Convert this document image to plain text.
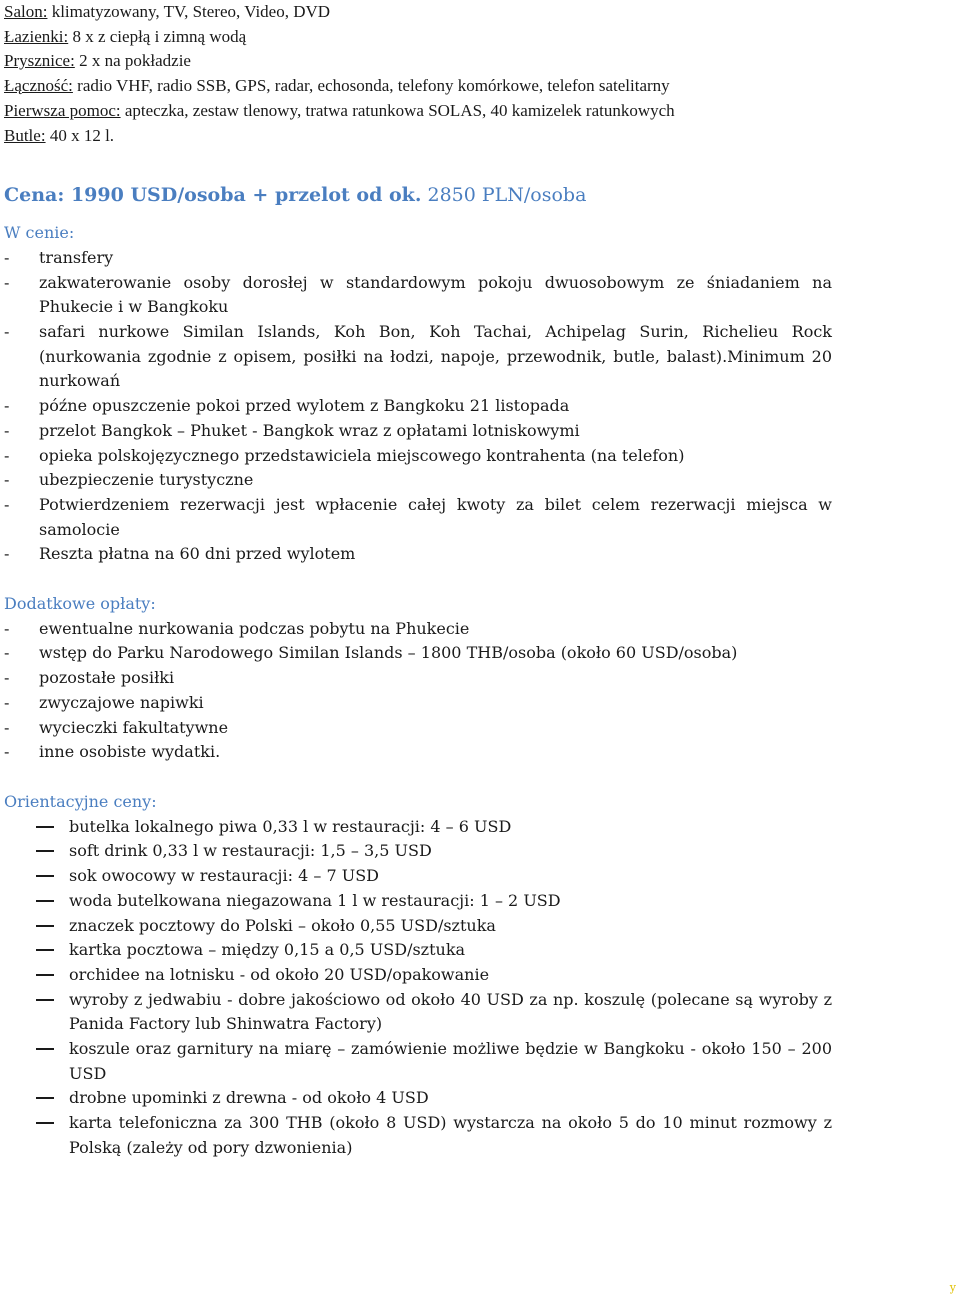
Salon: klimatyzowany, TV, Stereo, Video, DVD

Łazienki: 8 x z ciepłą i zimną wodą

Prysznice: 2 x na pokładzie

Łączność: radio VHF, radio SSB, GPS, radar, echosonda, telefony komórkowe, telefon satelitarny

Pierwsza pomoc: apteczka, zestaw tlenowy, tratwa ratunkowa SOLAS, 40 kamizelek ratunkowych

Butle: 40 x 12 l.

Cena: 1990 USD/osoba + przelot od ok. 2850 PLN/osoba

W cenie:

- transfery
- zakwaterowanie osoby dorosłej w standardowym pokoju dwuosobowym ze śniadaniem na Phukecie i w Bangkoku
- safari nurkowe Similan Islands, Koh Bon, Koh Tachai, Achipelag Surin, Richelieu Rock (nurkowania zgodnie z opisem, posiłki na łodzi, napoje, przewodnik, butle, balast).Minimum 20 nurkowań
- późne opuszczenie pokoi przed wylotem z Bangkoku 21 listopada
- przelot Bangkok – Phuket - Bangkok wraz z opłatami lotniskowymi
- opieka polskojęzycznego przedstawiciela miejscowego kontrahenta (na telefon)
- ubezpieczenie turystyczne
- Potwierdzeniem rezerwacji jest wpłacenie całej kwoty za bilet celem rezerwacji miejsca w samolocie
- Reszta płatna na 60 dni przed wylotem

Dodatkowe opłaty:

- ewentualne nurkowania podczas pobytu na Phukecie
- wstęp do Parku Narodowego Similan Islands – 1800 THB/osoba (około 60 USD/osoba)
- pozostałe posiłki
- zwyczajowe napiwki
- wycieczki fakultatywne
- inne osobiste wydatki.

Orientacyjne ceny:

butelka lokalnego piwa 0,33 l w restauracji: 4 – 6 USD
soft drink 0,33 l w restauracji: 1,5 – 3,5 USD
sok owocowy w restauracji: 4 – 7 USD
woda butelkowana niegazowana 1 l w restauracji: 1 – 2 USD
znaczek pocztowy do Polski – około 0,55 USD/sztuka
kartka pocztowa – między 0,15 a 0,5 USD/sztuka
orchidee na lotnisku - od około 20 USD/opakowanie
wyroby z jedwabiu - dobre jakościowo od około 40 USD za np. koszulę (polecane są wyroby z Panida Factory lub Shinwatra Factory)
koszule oraz garnitury na miarę – zamówienie możliwe będzie w Bangkoku - około 150 – 200 USD
drobne upominki z drewna - od około 4 USD
karta telefoniczna za 300 THB (około 8 USD) wystarcza na około 5 do 10 minut rozmowy z Polską (zależy od pory dzwonienia)
y
